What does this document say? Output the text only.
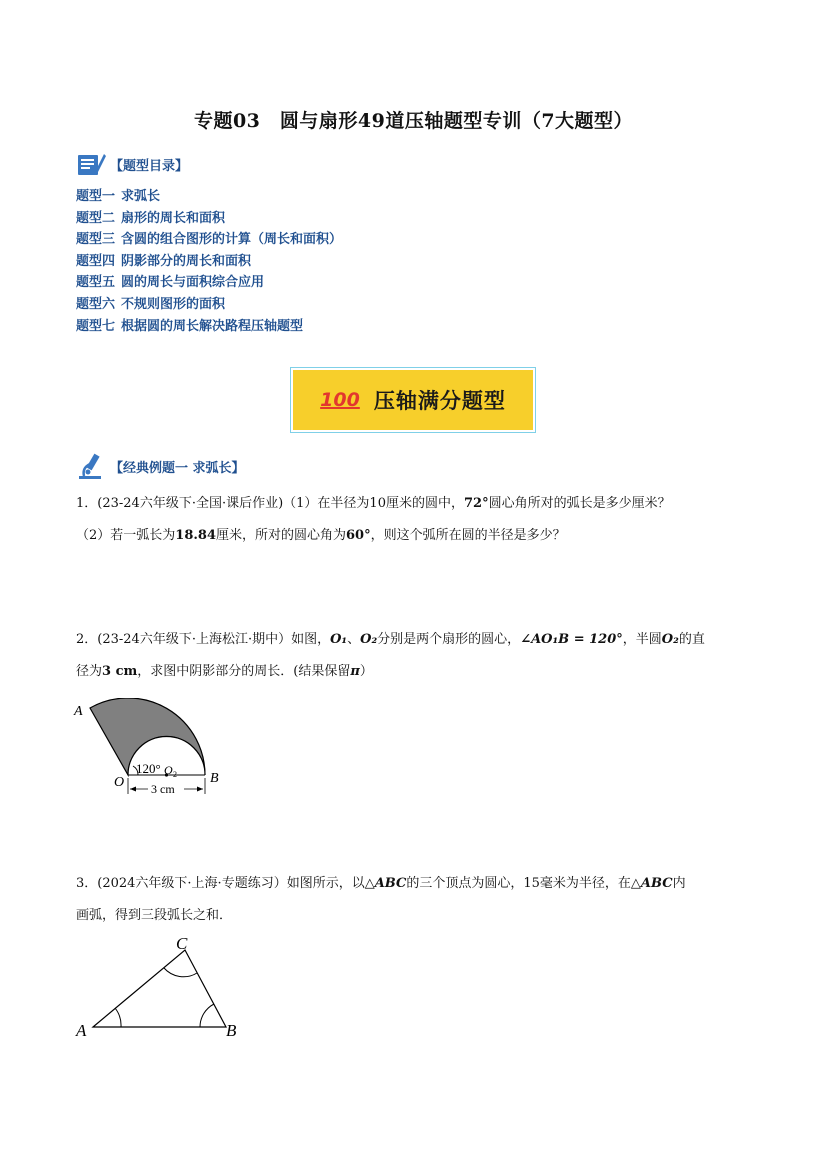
专题03　圆与扇形49道压轴题型专训（7大题型）
【题型目录】
题型一 求弧长
题型二 扇形的周长和面积
题型三 含圆的组合图形的计算（周长和面积）
题型四 阴影部分的周长和面积
题型五 圆的周长与面积综合应用
题型六 不规则图形的面积
题型七 根据圆的周长解决路程压轴题型
100 压轴满分题型
【经典例题一 求弧长】
1．(23-24六年级下·全国·课后作业)（1）在半径为10厘米的圆中，72°圆心角所对的弧长是多少厘米？
（2）若一弧长为18.84厘米，所对的圆心角为60°，则这个弧所在圆的半径是多少？
2．(23-24六年级下·上海松江·期中）如图，O₁、O₂分别是两个扇形的圆心，∠AO₁B = 120°，半圆O₂的直
径为3 cm，求图中阴影部分的周长．(结果保留π）
A
O	B
120° O 2
3 cm
3．(2024六年级下·上海·专题练习）如图所示，以△ABC的三个顶点为圆心，15毫米为半径，在△ABC内
画弧，得到三段弧长之和．
A	B
C
